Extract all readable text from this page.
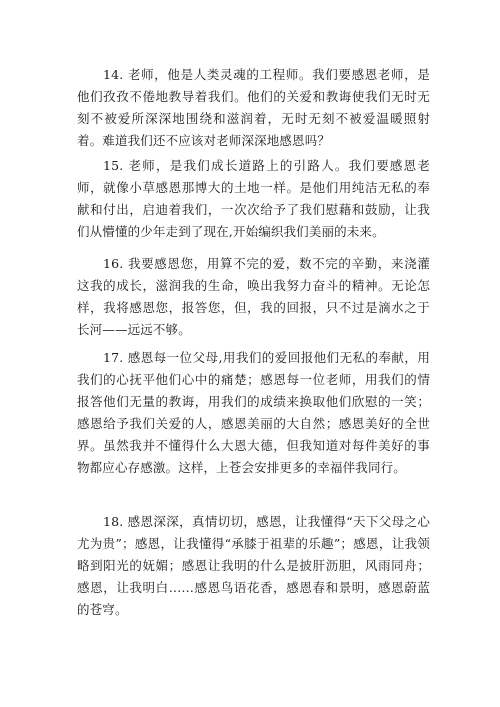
14. 老师，他是人类灵魂的工程师。我们要感恩老师，是他们孜孜不倦地教导着我们。他们的关爱和教诲使我们无时无刻不被爱所深深地围绕和滋润着，无时无刻不被爱温暖照射着。难道我们还不应该对老师深深地感恩吗？

15. 老师，是我们成长道路上的引路人。我们要感恩老师，就像小草感恩那博大的土地一样。是他们用纯洁无私的奉献和付出，启迪着我们，一次次给予了我们慰藉和鼓励，让我们从懵懂的少年走到了现在,开始编织我们美丽的未来。

16. 我要感恩您，用算不完的爱，数不完的辛勤，来浇灌这我的成长，滋润我的生命，唤出我努力奋斗的精神。无论怎样，我将感恩您，报答您，但，我的回报，只不过是滴水之于长河——远远不够。

17. 感恩每一位父母,用我们的爱回报他们无私的奉献，用我们的心抚平他们心中的痛楚；感恩每一位老师，用我们的情报答他们无量的教诲，用我们的成绩来换取他们欣慰的一笑；感恩给予我们关爱的人，感恩美丽的大自然；感恩美好的全世界。虽然我并不懂得什么大恩大德，但我知道对每件美好的事物都应心存感激。这样，上苍会安排更多的幸福伴我同行。

18. 感恩深深，真情切切，感恩，让我懂得“天下父母之心尤为贵”；感恩，让我懂得“承膝于祖辈的乐趣”；感恩，让我领略到阳光的妩媚；感恩让我明的什么是披肝沥胆，风雨同舟；感恩，让我明白……感恩鸟语花香，感恩春和景明，感恩蔚蓝的苍穹。
